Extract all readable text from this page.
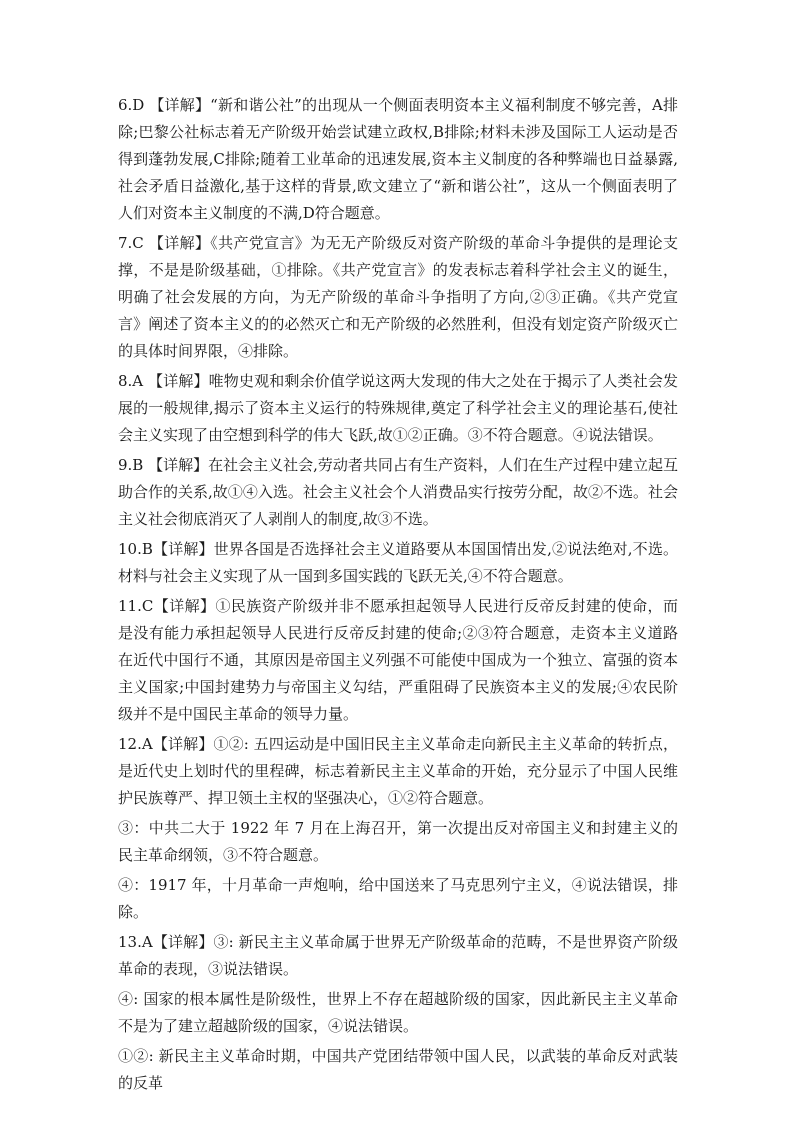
6.D 【详解】“新和谐公社”的出现从一个侧面表明资本主义福利制度不够完善，A排除;巴黎公社标志着无产阶级开始尝试建立政权,B排除;材料未涉及国际工人运动是否得到蓬勃发展,C排除;随着工业革命的迅速发展,资本主义制度的各种弊端也日益暴露,社会矛盾日益激化,基于这样的背景,欧文建立了“新和谐公社”，这从一个侧面表明了人们对资本主义制度的不满,D符合题意。

7.C 【详解】《共产党宣言》为无无产阶级反对资产阶级的革命斗争提供的是理论支撑，不是是阶级基础，①排除。《共产党宣言》的发表标志着科学社会主义的诞生，明确了社会发展的方向，为无产阶级的革命斗争指明了方向,②③正确。《共产党宣　　言》阐述了资本主义的的必然灭亡和无产阶级的必然胜利，但没有划定资产阶级灭亡的具体时间界限，④排除。

8.A 【详解】唯物史观和剩余价值学说这两大发现的伟大之处在于揭示了人类社会发展的一般规律,揭示了资本主义运行的特殊规律,奠定了科学社会主义的理论基石,使社会主义实现了由空想到科学的伟大飞跃,故①②正确。③不符合题意。④说法错误。

9.B 【详解】在社会主义社会,劳动者共同占有生产资料，人们在生产过程中建立起互助合作的关系,故①④入选。社会主义社会个人消费品实行按劳分配，故②不选。社会主义社会彻底消灭了人剥削人的制度,故③不选。

10.B【详解】世界各国是否选择社会主义道路要从本国国情出发,②说法绝对,不选。材料与社会主义实现了从一国到多国实践的飞跃无关,④不符合题意。

11.C【详解】①民族资产阶级并非不愿承担起领导人民进行反帝反封建的使命，而是没有能力承担起领导人民进行反帝反封建的使命;②③符合题意，走资本主义道路在近代中国行不通，其原因是帝国主义列强不可能使中国成为一个独立、富强的资本主义国家;中国封建势力与帝国主义勾结，严重阻碍了民族资本主义的发展;④农民阶级并不是中国民主革命的领导力量。

12.A【详解】①②: 五四运动是中国旧民主主义革命走向新民主主义革命的转折点，是近代史上划时代的里程碑，标志着新民主主义革命的开始，充分显示了中国人民维护民族尊严、捍卫领土主权的坚强决心，①②符合题意。

③：中共二大于 1922 年 7 月在上海召开，第一次提出反对帝国主义和封建主义的民主革命纲领，③不符合题意。

④：1917 年，十月革命一声炮响，给中国送来了马克思列宁主义，④说法错误，排除。

13.A【详解】③: 新民主主义革命属于世界无产阶级革命的范畴，不是世界资产阶级革命的表现，③说法错误。

④: 国家的根本属性是阶级性，世界上不存在超越阶级的国家，因此新民主主义革命不是为了建立超越阶级的国家，④说法错误。

①②: 新民主主义革命时期，中国共产党团结带领中国人民，以武装的革命反对武装的反革
